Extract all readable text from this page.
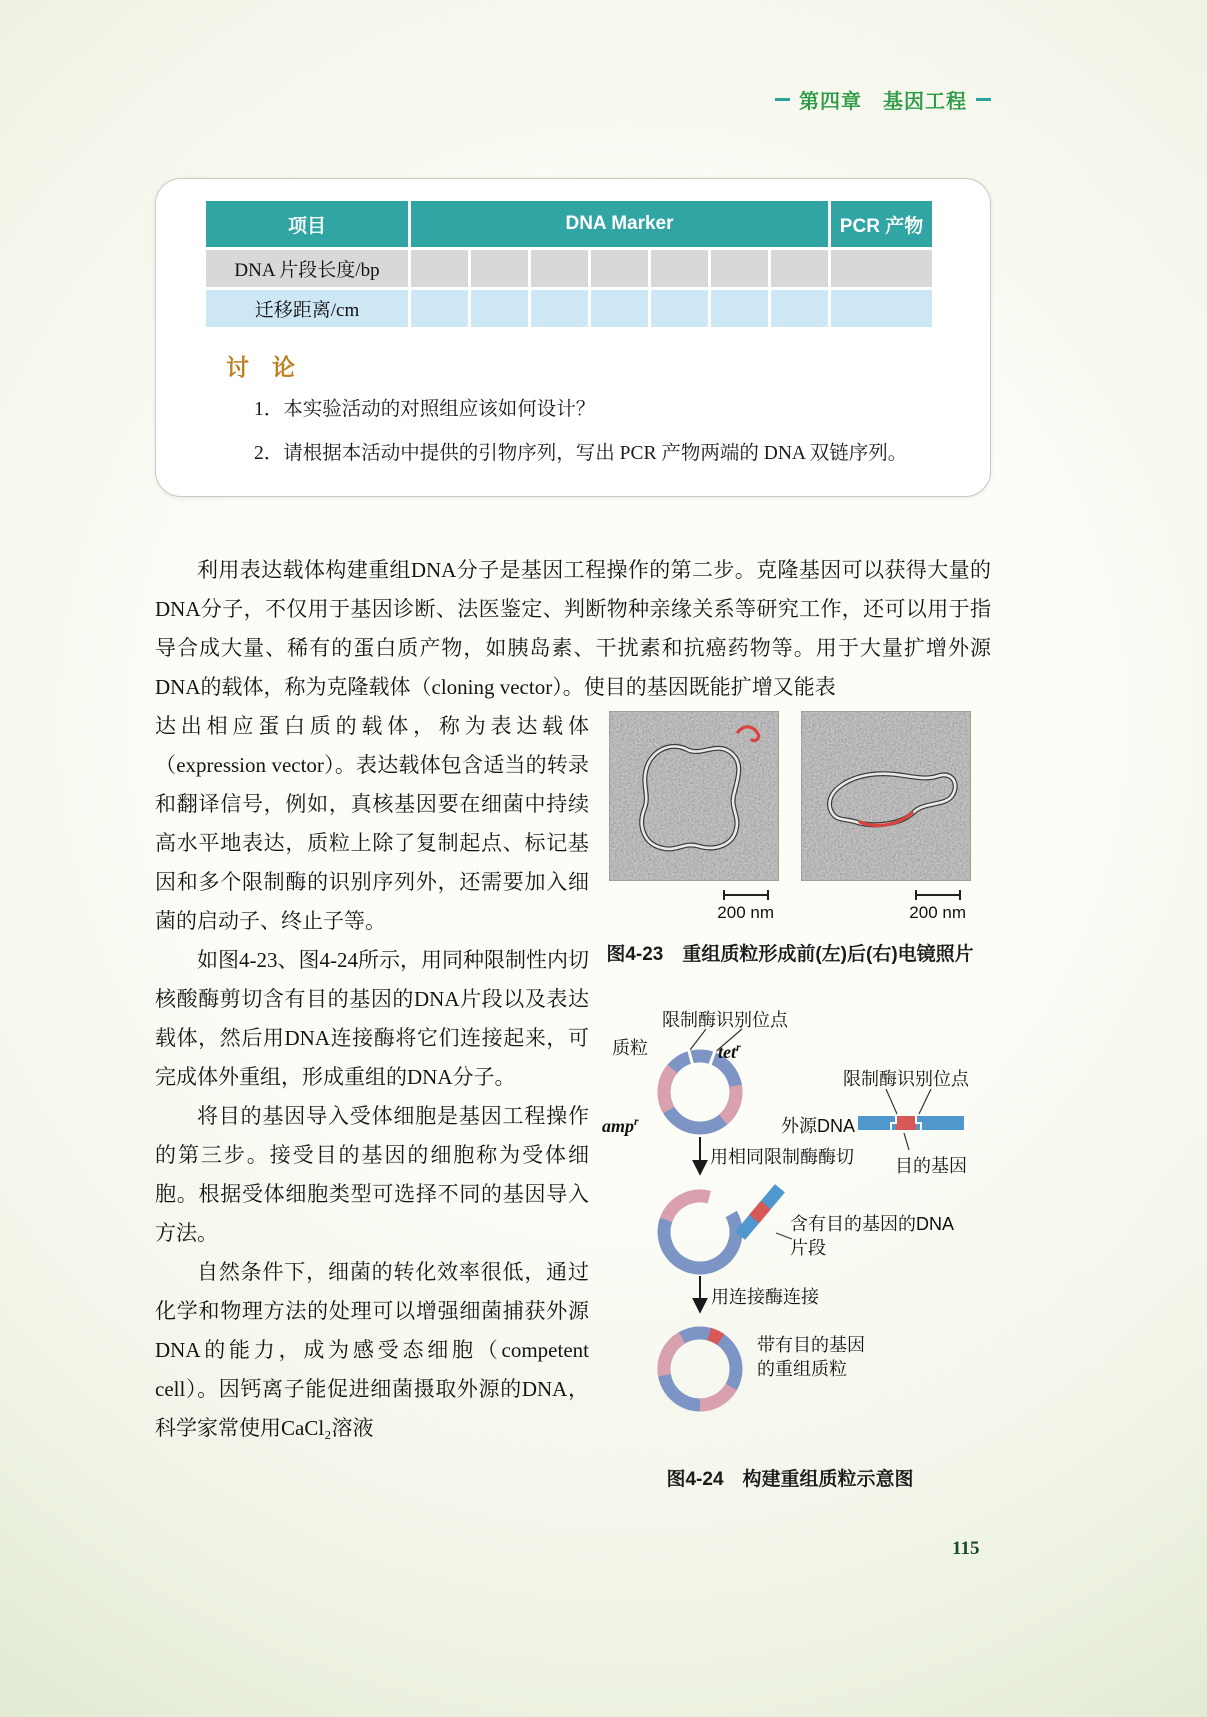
第四章　基因工程
项目	DNA Marker	PCR 产物
DNA 片段长度/bp
迁移距离/cm
讨　论
1．本实验活动的对照组应该如何设计？
2．请根据本活动中提供的引物序列，写出 PCR 产物两端的 DNA 双链序列。

利用表达载体构建重组DNA分子是基因工程操作的第二步。克隆基因可以获得大量的DNA分子，不仅用于基因诊断、法医鉴定、判断物种亲缘关系等研究工作，还可以用于指导合成大量、稀有的蛋白质产物，如胰岛素、干扰素和抗癌药物等。用于大量扩增外源DNA的载体，称为克隆载体（cloning vector）。使目的基因既能扩增又能表

200 nm	200 nm
图4-23　重组质粒形成前(左)后(右)电镜照片
限制酶识别位点
质粒	tet$^r$
amp$^r$
用相同限制酶酶切
限制酶识别位点
外源DNA
目的基因
含有目的基因的DNA
片段
用连接酶连接
带有目的基因
的重组质粒
图4-24　构建重组质粒示意图

达出相应蛋白质的载体，称为表达载体（expression vector）。表达载体包含适当的转录和翻译信号，例如，真核基因要在细菌中持续高水平地表达，质粒上除了复制起点、标记基因和多个限制酶的识别序列外，还需要加入细菌的启动子、终止子等。

如图4-23、图4-24所示，用同种限制性内切核酸酶剪切含有目的基因的DNA片段以及表达载体，然后用DNA连接酶将它们连接起来，可完成体外重组，形成重组的DNA分子。

将目的基因导入受体细胞是基因工程操作的第三步。接受目的基因的细胞称为受体细胞。根据受体细胞类型可选择不同的基因导入方法。

自然条件下，细菌的转化效率很低，通过化学和物理方法的处理可以增强细菌捕获外源DNA的能力，成为感受态细胞（competent cell）。因钙离子能促进细菌摄取外源的DNA，科学家常使用CaCl₂溶液

115
